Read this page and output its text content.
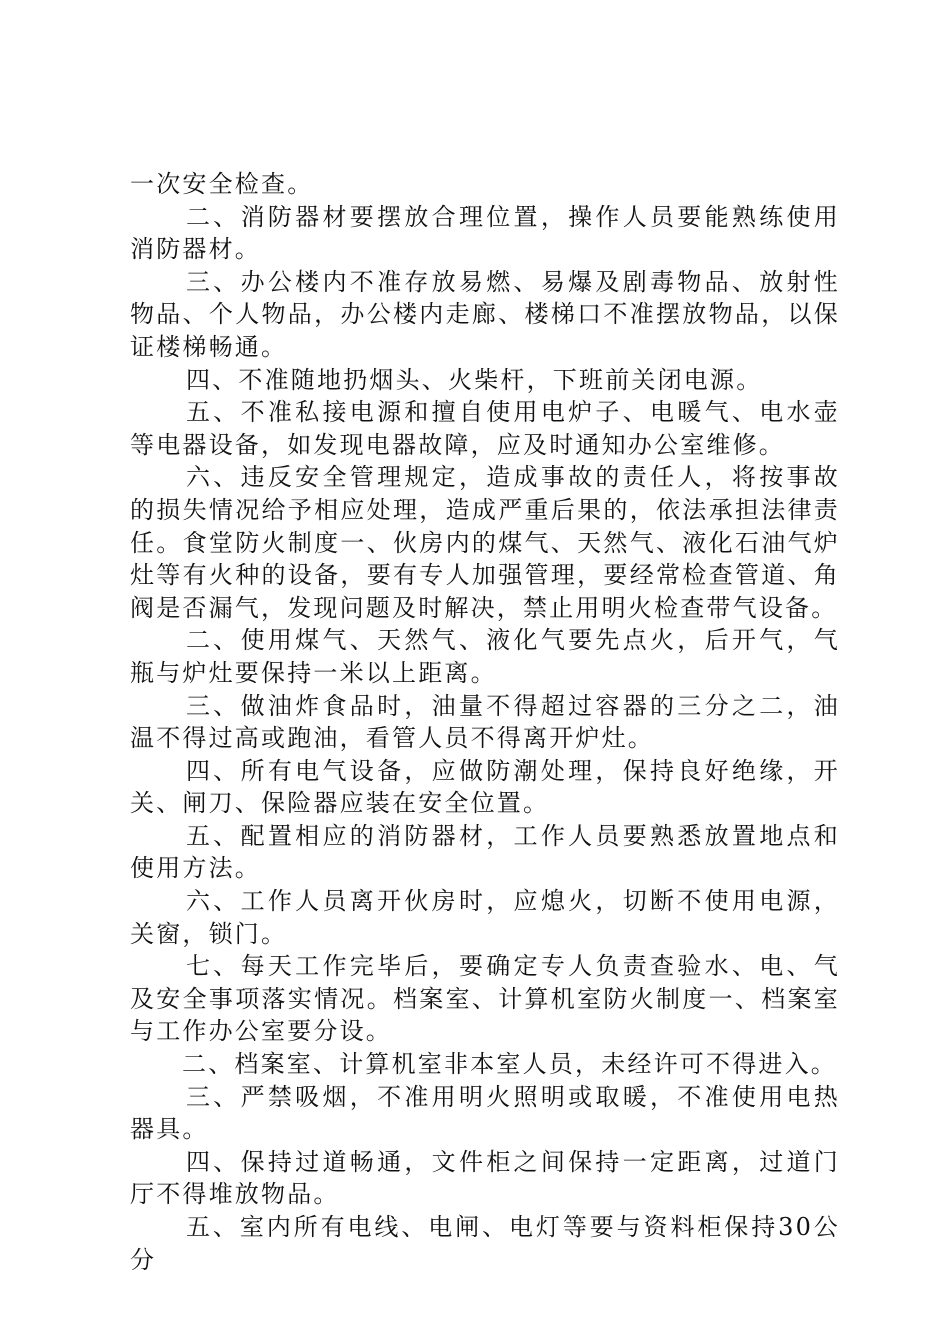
一次安全检查。

二、消防器材要摆放合理位置，操作人员要能熟练使用消防器材。

三、办公楼内不准存放易燃、易爆及剧毒物品、放射性物品、个人物品，办公楼内走廊、楼梯口不准摆放物品，以保证楼梯畅通。

四、不准随地扔烟头、火柴杆，下班前关闭电源。

五、不准私接电源和擅自使用电炉子、电暖气、电水壶等电器设备，如发现电器故障，应及时通知办公室维修。

六、违反安全管理规定，造成事故的责任人，将按事故的损失情况给予相应处理，造成严重后果的，依法承担法律责任。食堂防火制度一、伙房内的煤气、天然气、液化石油气炉灶等有火种的设备，要有专人加强管理，要经常检查管道、角阀是否漏气，发现问题及时解决，禁止用明火检查带气设备。

二、使用煤气、天然气、液化气要先点火，后开气，气瓶与炉灶要保持一米以上距离。

三、做油炸食品时，油量不得超过容器的三分之二，油温不得过高或跑油，看管人员不得离开炉灶。

四、所有电气设备，应做防潮处理，保持良好绝缘，开关、闸刀、保险器应装在安全位置。

五、配置相应的消防器材，工作人员要熟悉放置地点和使用方法。

六、工作人员离开伙房时，应熄火，切断不使用电源，关窗，锁门。

七、每天工作完毕后，要确定专人负责查验水、电、气及安全事项落实情况。档案室、计算机室防火制度一、档案室与工作办公室要分设。

二、档案室、计算机室非本室人员，未经许可不得进入。

三、严禁吸烟，不准用明火照明或取暖，不准使用电热器具。

四、保持过道畅通，文件柜之间保持一定距离，过道门厅不得堆放物品。

五、室内所有电线、电闸、电灯等要与资料柜保持30公分
